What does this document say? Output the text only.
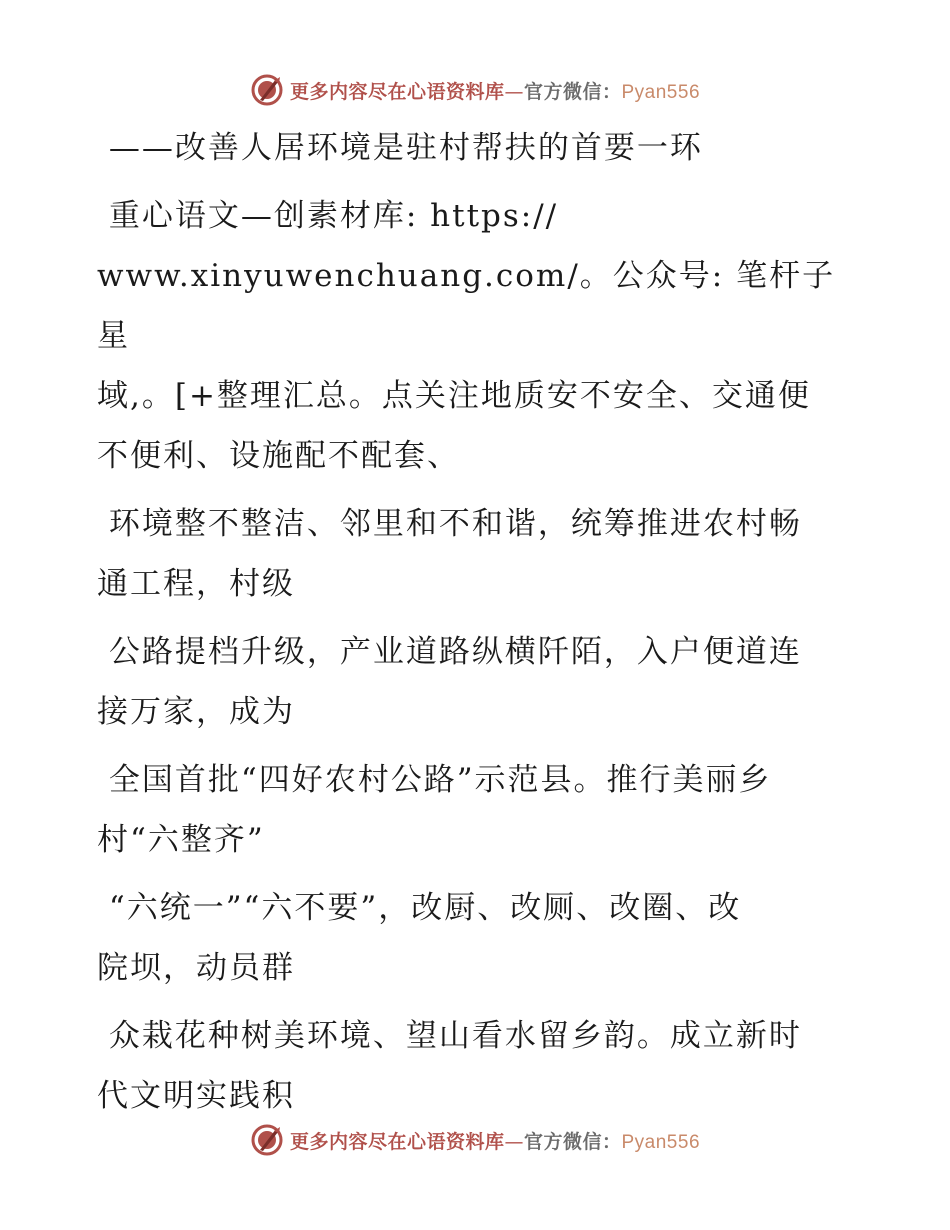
更多内容尽在心语资料库—官方微信：Pyan556

——改善人居环境是驻村帮扶的首要一环

重心语文—创素材库: https://
www.xinyuwenchuang.com/。公众号: 笔杆子星
域,。[+整理汇总。点关注地质安不安全、交通便
不便利、设施配不配套、

环境整不整洁、邻里和不和谐，统筹推进农村畅
通工程，村级

公路提档升级，产业道路纵横阡陌，入户便道连
接万家，成为

全国首批“四好农村公路”示范县。推行美丽乡
村“六整齐”

“六统一”“六不要”，改厨、改厕、改圈、改
院坝，动员群

众栽花种树美环境、望山看水留乡韵。成立新时
代文明实践积

更多内容尽在心语资料库—官方微信：Pyan556
